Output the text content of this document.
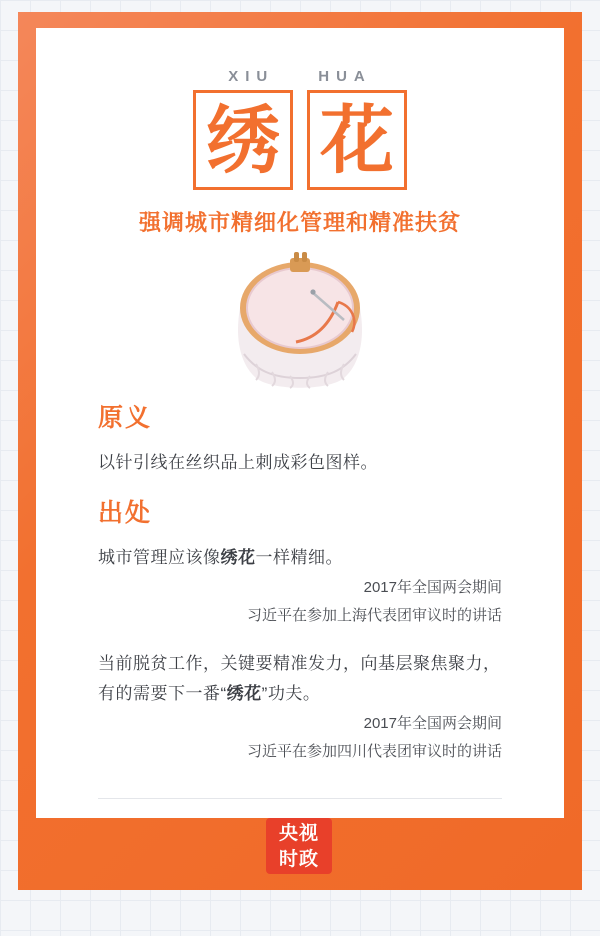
XIU  HUA
绣 花
强调城市精细化管理和精准扶贫
原义
以针引线在丝织品上刺成彩色图样。
出处
城市管理应该像绣花一样精细。
2017年全国两会期间
习近平在参加上海代表团审议时的讲话
当前脱贫工作，关键要精准发力，向基层聚焦聚力，有的需要下一番“绣花”功夫。
2017年全国两会期间
习近平在参加四川代表团审议时的讲话
央视
时政
